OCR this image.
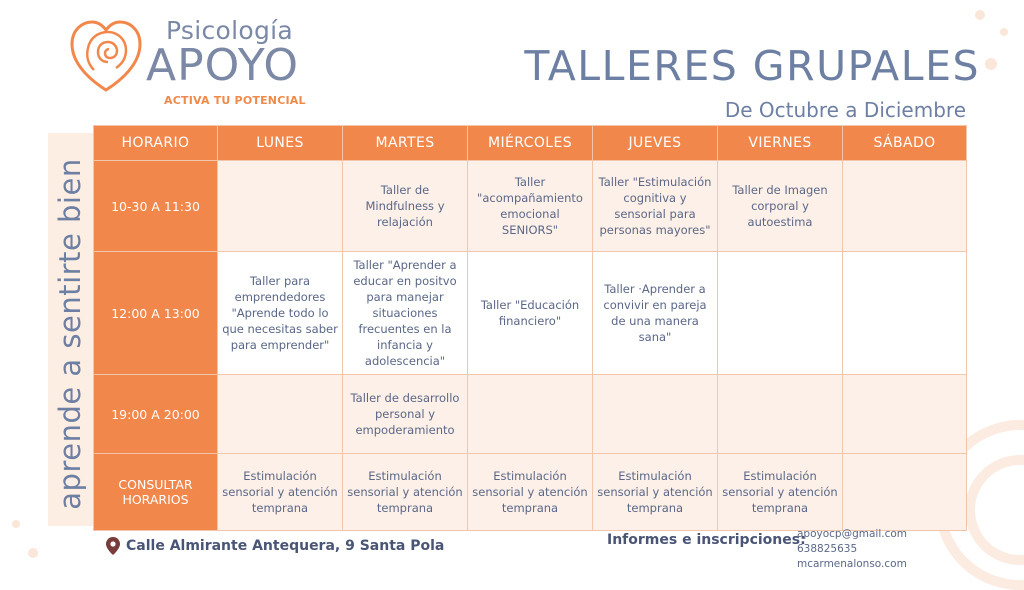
Psicología
APOYO
ACTIVA TU POTENCIAL
TALLERES GRUPALES
De Octubre a Diciembre
aprende a sentirte bien
HORARIO	LUNES	MARTES	MIÉRCOLES	JUEVES	VIERNES	SÁBADO
10-30 A 11:30		Taller de Mindfulness y relajación	Taller "acompañamiento emocional SENIORS"	Taller "Estimulación cognitiva y sensorial para personas mayores"	Taller de Imagen corporal y autoestima	
12:00 A 13:00	Taller para emprendedores "Aprende todo lo que necesitas saber para emprender"	Taller "Aprender a educar en positvo para manejar situaciones frecuentes en la infancia y adolescencia"	Taller "Educación financiero"	Taller ·Aprender a convivir en pareja de una manera sana"		
19:00 A 20:00		Taller de desarrollo personal y empoderamiento				
CONSULTAR HORARIOS	Estimulación sensorial y atención temprana	Estimulación sensorial y atención temprana	Estimulación sensorial y atención temprana	Estimulación sensorial y atención temprana	Estimulación sensorial y atención temprana	
Calle Almirante Antequera, 9 Santa Pola	Informes e inscripciones:
apoyocp@gmail.com
638825635
mcarmenalonso.com
